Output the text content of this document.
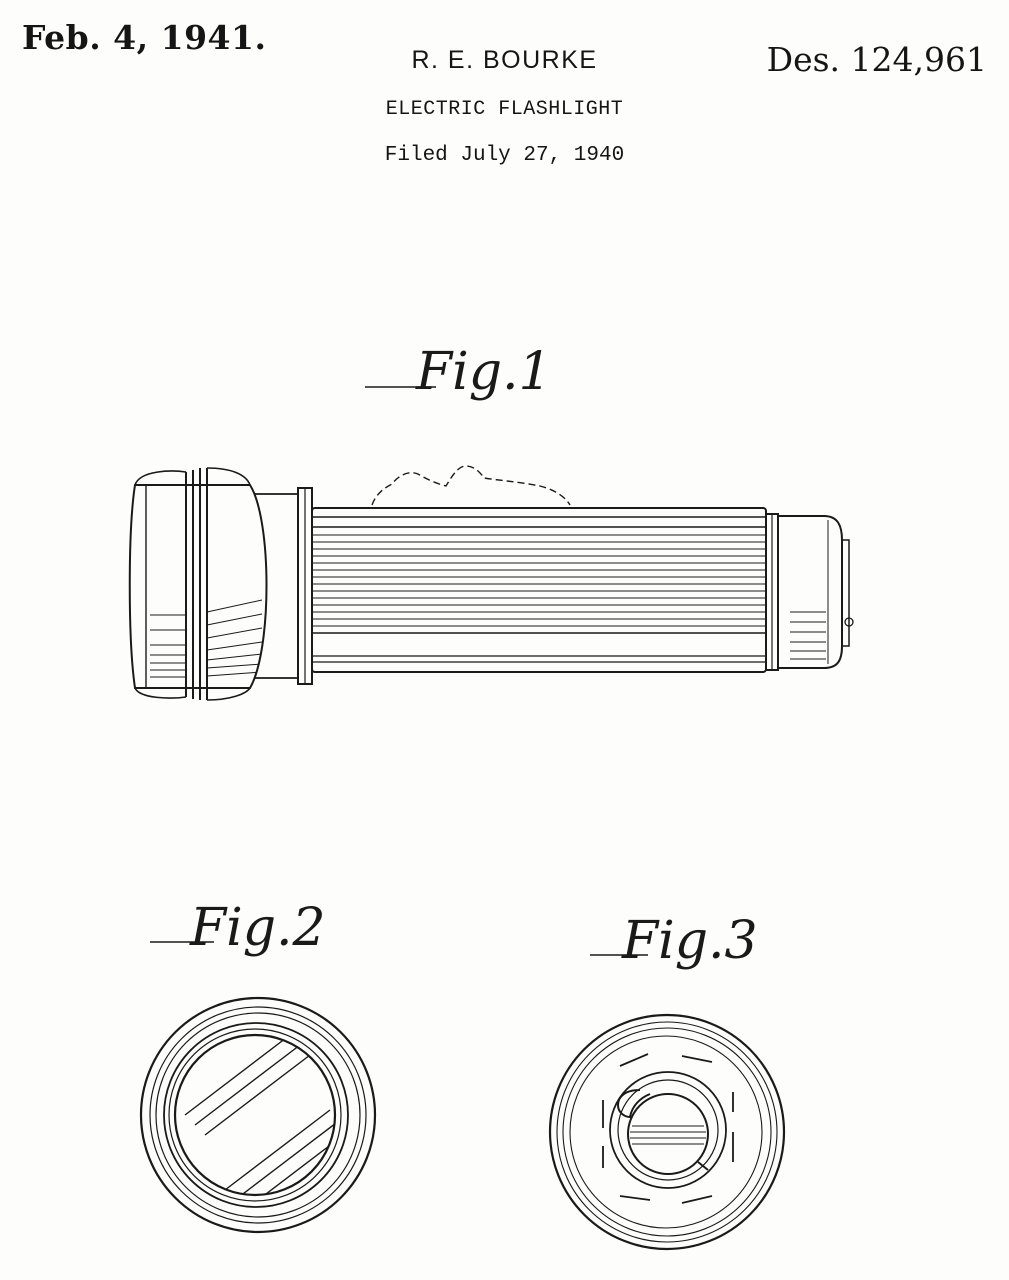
Feb. 4, 1941.
R. E. BOURKE	Des. 124,961
ELECTRIC FLASHLIGHT
Filed July 27, 1940
Fig.1
Fig.2	Fig.3
